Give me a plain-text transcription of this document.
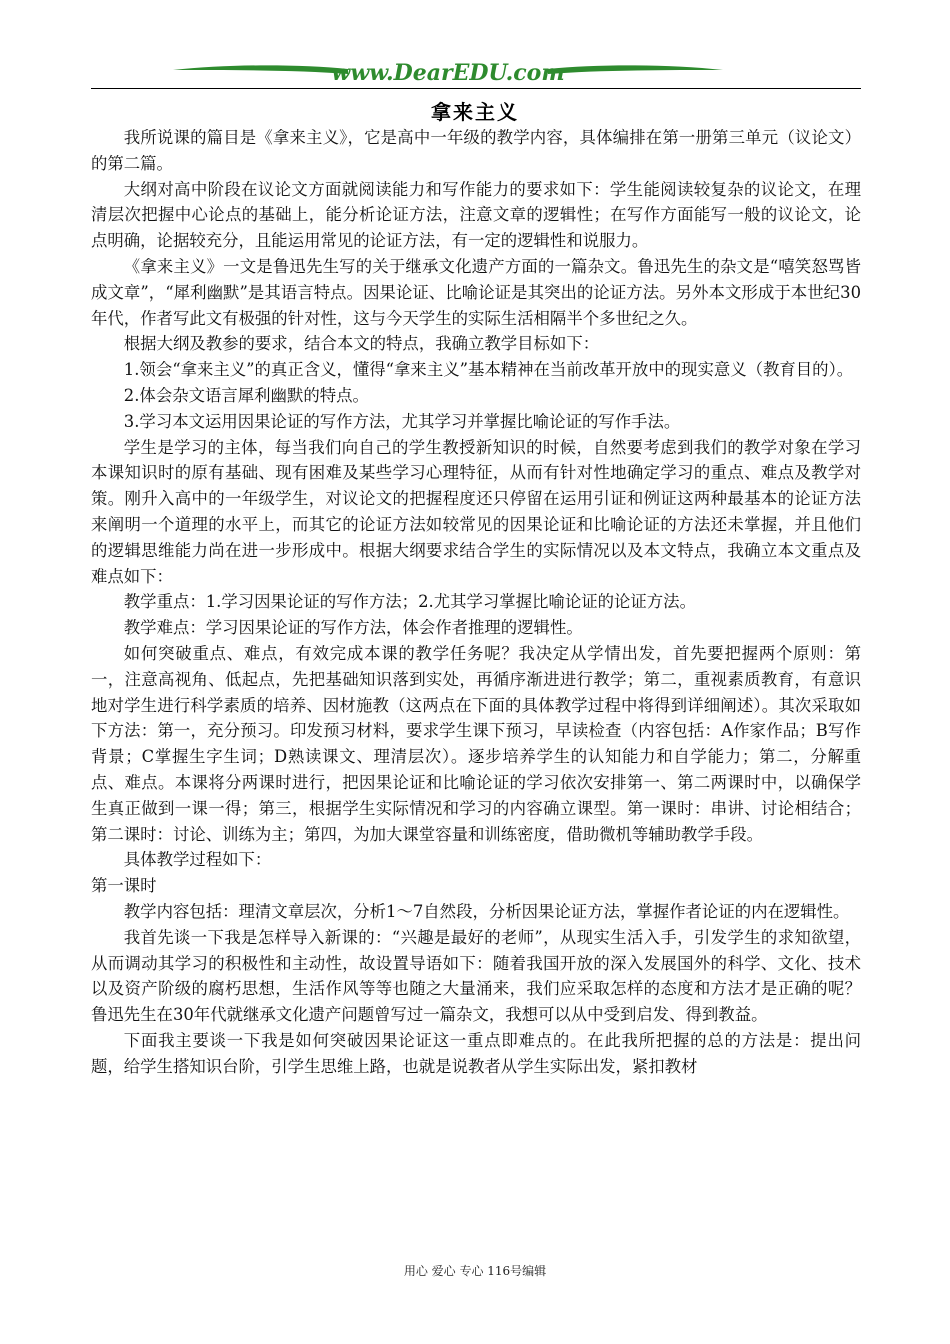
www.DearEDU.com
拿来主义

我所说课的篇目是《拿来主义》，它是高中一年级的教学内容，具体编排在第一册第三单元（议论文）的第二篇。

大纲对高中阶段在议论文方面就阅读能力和写作能力的要求如下：学生能阅读较复杂的议论文，在理清层次把握中心论点的基础上，能分析论证方法，注意文章的逻辑性；在写作方面能写一般的议论文，论点明确，论据较充分，且能运用常见的论证方法，有一定的逻辑性和说服力。

《拿来主义》一文是鲁迅先生写的关于继承文化遗产方面的一篇杂文。鲁迅先生的杂文是“嘻笑怒骂皆成文章”，“犀利幽默”是其语言特点。因果论证、比喻论证是其突出的论证方法。另外本文形成于本世纪30年代，作者写此文有极强的针对性，这与今天学生的实际生活相隔半个多世纪之久。

根据大纲及教参的要求，结合本文的特点，我确立教学目标如下：

1.领会“拿来主义”的真正含义，懂得“拿来主义”基本精神在当前改革开放中的现实意义（教育目的）。

2.体会杂文语言犀利幽默的特点。

3.学习本文运用因果论证的写作方法，尤其学习并掌握比喻论证的写作手法。

学生是学习的主体，每当我们向自己的学生教授新知识的时候，自然要考虑到我们的教学对象在学习本课知识时的原有基础、现有困难及某些学习心理特征，从而有针对性地确定学习的重点、难点及教学对策。刚升入高中的一年级学生，对议论文的把握程度还只停留在运用引证和例证这两种最基本的论证方法来阐明一个道理的水平上，而其它的论证方法如较常见的因果论证和比喻论证的方法还未掌握，并且他们的逻辑思维能力尚在进一步形成中。根据大纲要求结合学生的实际情况以及本文特点，我确立本文重点及难点如下：

教学重点：1.学习因果论证的写作方法；2.尤其学习掌握比喻论证的论证方法。

教学难点：学习因果论证的写作方法，体会作者推理的逻辑性。

如何突破重点、难点，有效完成本课的教学任务呢？我决定从学情出发，首先要把握两个原则：第一，注意高视角、低起点，先把基础知识落到实处，再循序渐进进行教学；第二，重视素质教育，有意识地对学生进行科学素质的培养、因材施教（这两点在下面的具体教学过程中将得到详细阐述）。其次采取如下方法：第一，充分预习。印发预习材料，要求学生课下预习，早读检查（内容包括：A作家作品；B写作背景；C掌握生字生词；D熟读课文、理清层次）。逐步培养学生的认知能力和自学能力；第二，分解重点、难点。本课将分两课时进行，把因果论证和比喻论证的学习依次安排第一、第二两课时中，以确保学生真正做到一课一得；第三，根据学生实际情况和学习的内容确立课型。第一课时：串讲、讨论相结合；第二课时：讨论、训练为主；第四，为加大课堂容量和训练密度，借助微机等辅助教学手段。

具体教学过程如下：

第一课时

教学内容包括：理清文章层次，分析1～7自然段，分析因果论证方法，掌握作者论证的内在逻辑性。

我首先谈一下我是怎样导入新课的：“兴趣是最好的老师”，从现实生活入手，引发学生的求知欲望，从而调动其学习的积极性和主动性，故设置导语如下：随着我国开放的深入发展国外的科学、文化、技术以及资产阶级的腐朽思想，生活作风等等也随之大量涌来，我们应采取怎样的态度和方法才是正确的呢？鲁迅先生在30年代就继承文化遗产问题曾写过一篇杂文，我想可以从中受到启发、得到教益。

下面我主要谈一下我是如何突破因果论证这一重点即难点的。在此我所把握的总的方法是：提出问题，给学生搭知识台阶，引学生思维上路，也就是说教者从学生实际出发，紧扣教材

用心 爱心 专心 116号编辑
